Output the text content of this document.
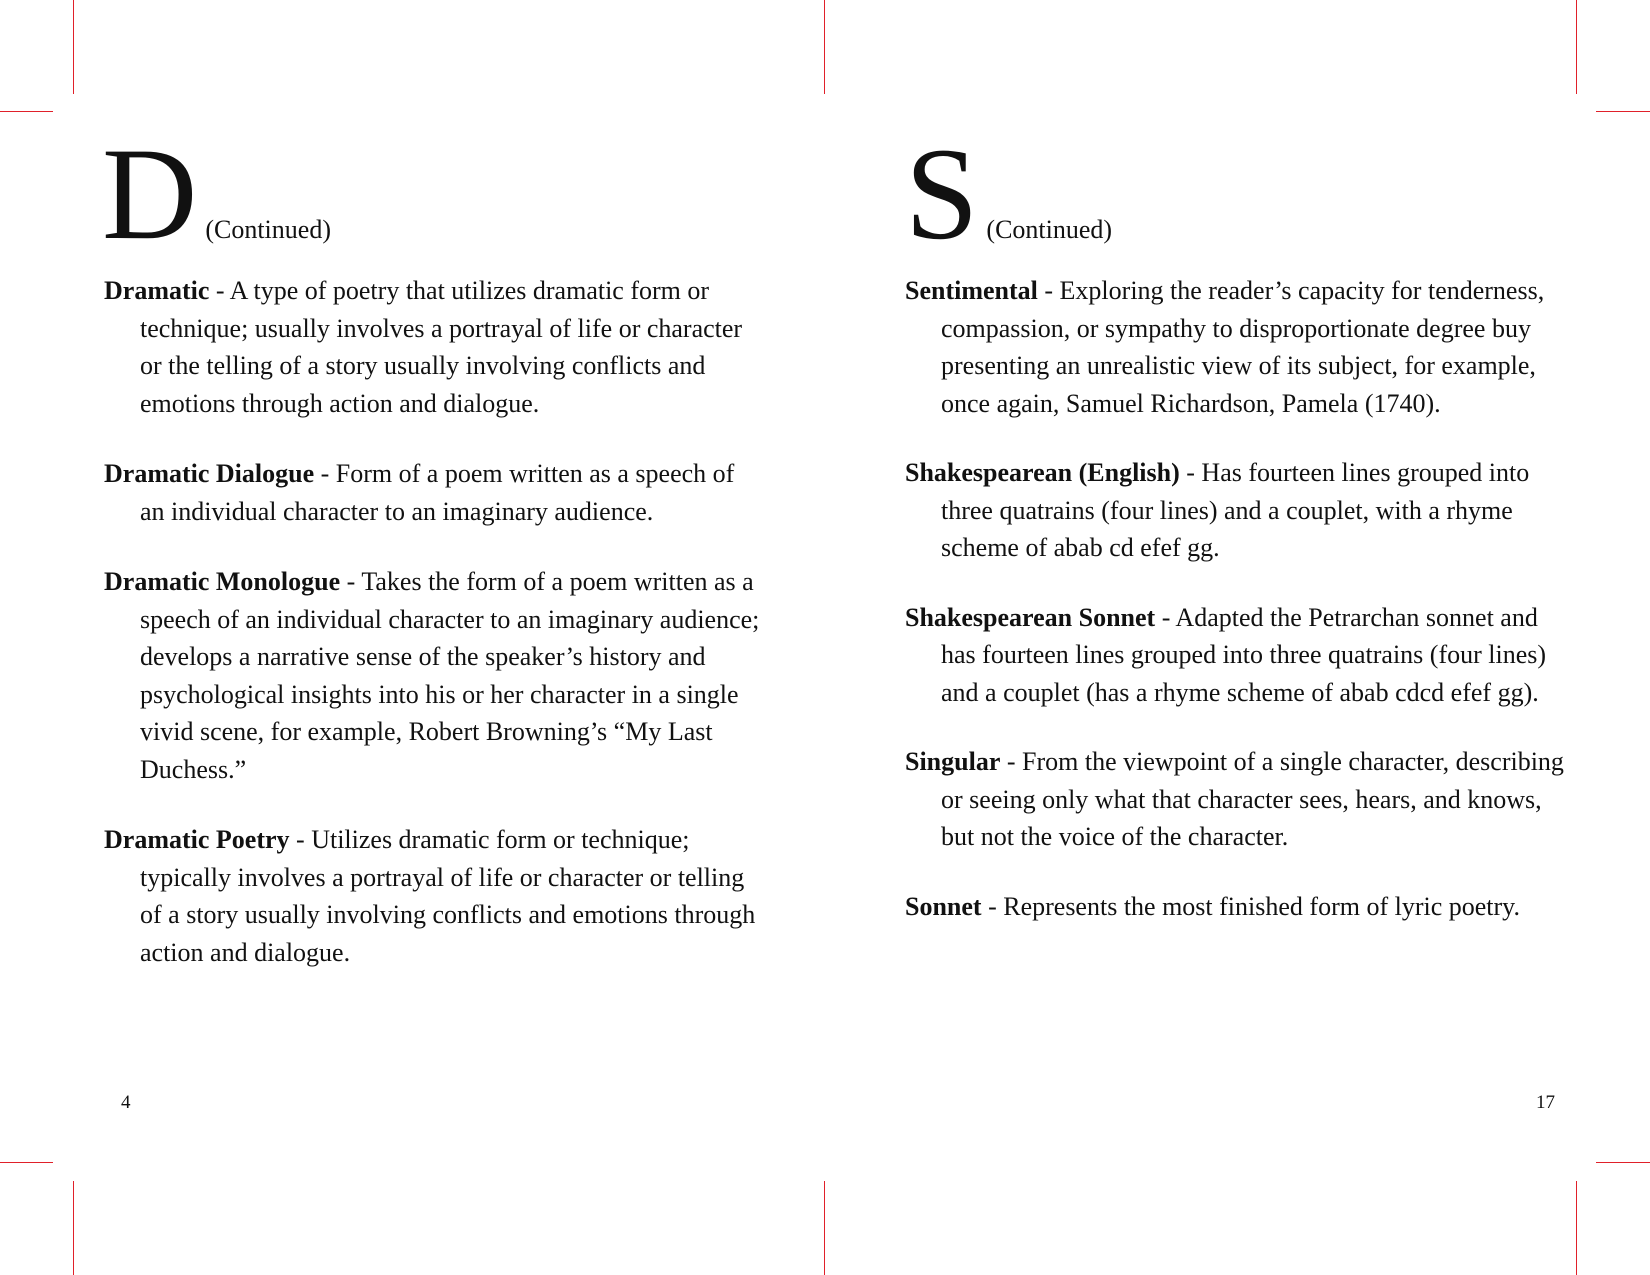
D (Continued)

Dramatic - A type of poetry that utilizes dramatic form or technique; usually involves a portrayal of life or character or the telling of a story usually involving conflicts and emotions through action and dialogue.

Dramatic Dialogue - Form of a poem written as a speech of an individual character to an imaginary audience.

Dramatic Monologue - Takes the form of a poem written as a speech of an individual character to an imaginary audience; develops a narrative sense of the speaker’s history and psychological insights into his or her character in a single vivid scene, for example, Robert Browning’s “My Last Duchess.”

Dramatic Poetry - Utilizes dramatic form or technique; typically involves a portrayal of life or character or telling of a story usually involving conflicts and emotions through action and dialogue.

4
S (Continued)

Sentimental - Exploring the reader’s capacity for tenderness, compassion, or sympathy to disproportionate degree buy presenting an unrealistic view of its subject, for example, once again, Samuel Richardson, Pamela (1740).

Shakespearean (English) - Has fourteen lines grouped into three quatrains (four lines) and a couplet, with a rhyme scheme of abab cd efef gg.

Shakespearean Sonnet - Adapted the Petrarchan sonnet and has fourteen lines grouped into three quatrains (four lines) and a couplet (has a rhyme scheme of abab cdcd efef gg).

Singular - From the viewpoint of a single character, describing or seeing only what that character sees, hears, and knows, but not the voice of the character.

Sonnet - Represents the most finished form of lyric poetry.

17
